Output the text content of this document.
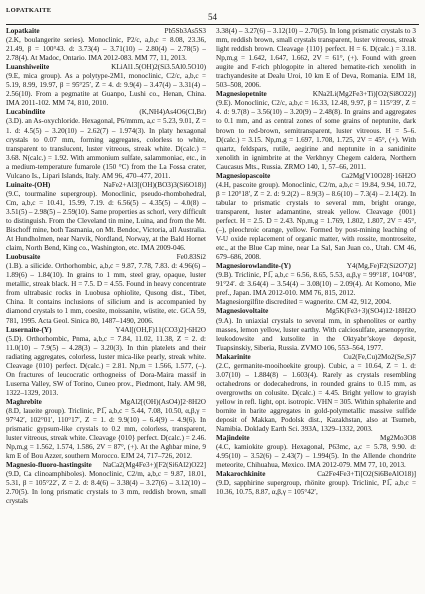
LOPATKAITE
54
Lopatkaite	Pb5Sb3As5S3
(2.K, boulangerite series). Monoclinic, P2/c, a,b,c = 8.08, 23.36, 21.49, β = 100°43. d: 3.73(4) – 3.71(10) – 2.80(4) – 2.78(5) – 2.78(4). At Madoc, Ontario. IMA 2012-083. MM 77, 11, 2013.
Luanshiweiite	KLiAl1.5(OH)2(Si3.5Al0.5O10)
(9.E, mica group). As a polytype-2M1, monoclinic, C2/c, a,b,c = 5.19, 8.99, 19.97, β = 95°25′, Z = 4. d: 9.9(4) – 3.47(4) – 3.31(4) – 2.56(10). From a pegmatite at Guanpo, Lushi co., Henan, China. IMA 2011-102. MM 74, 810, 2010.
Lucabindiite	(K,NH4)As4O6(Cl,Br)
(3.D). an As-oxychloride. Hexagonal, P6/mmm, a,c = 5.23, 9.01, Z = 1. d: 4.5(5) – 3.20(10) – 2.62(7) – 1.974(3). In platy hexagonal crystals to 0.07 mm, forming aggregates, colorless to white, transparent to translucent, luster vitreous, streak white. D(calc.) = 3.68. N(calc.) = 1.92. With ammonium sulfate, salammoniac, etc., in a medium-temperature fumarole (150 °C) from the La Fossa crater, Vulcano Is., Lipari Islands, Italy. AM 96, 470–477, 2011.
Luinaite-(OH)	NaFe2+Al3[(OH)(BO3)3(Si6O18)]
(9.C, tourmaline supergroup). Monoclinic, pseudo-rhombohedral, Cm, a,b,c = 10.41, 15.99, 7.19. d: 6.56(5) – 4.35(5) – 4.0(8) – 3.51(5) – 2.98(5) – 2.59(10). Same properties as schorl, very difficult to distinguish. From the Cleveland tin mine, Luina, and from the Mt. Bischoff mine, both Tasmania, on Mt. Bendoc, Victoria, all Australia. At Hundholmen, near Narvik, Nordland, Norway, at the Bald Hornet claim, North Bend, King co., Washington, etc. IMA 2009-046.
Luobusaite	Fe0.83Si2
(1.B). a silicide. Orthorhombic, a,b,c = 9.87, 7.78, 7.83. d: 4.96(6) – 1.89(6) – 1.84(10). In grains to 1 mm, steel gray, opaque, luster metallic, streak black. H = 7.5. D = 4.55. Found in heavy concentrate from ultrabasic rocks in Luobusa ophiolite, Qusong dist., Tibet, China. It contains inclusions of silicium and is accompanied by diamond crystals to 1 mm, coesite, moissanite, wüstite, etc. GCA 59, 781, 1995. Acta Geol. Sinica 80, 1487–1490, 2006.
Lusernaite-(Y)	Y4Al[(OH,F)11(CO3)2]·6H2O
(5.D). Orthorhombic, Pnma, a,b,c = 7.84, 11.02, 11.38, Z = 2. d: 11.0(10) – 7.9(5) – 4.28(3) – 3.20(3). In thin platelets and their radiating aggregates, colorless, luster mica-like pearly, streak white. Cleavage {010} perfect. D(calc.) = 2.81. Np,m = 1.566, 1.577, (–). On fractures of leucocratic orthogneiss of Dora-Maira massif in Luserna Valley, SW of Torino, Cuneo prov., Piedmont, Italy. AM 98, 1322–1329, 2013.
Maghrebite	MgAl2[(OH)(AsO4)]2·8H2O
(8.D, laueite group). Triclinic, P1̅, a,b,c = 5.44, 7.08, 10.50, α,β,γ = 97°42′, 102°01′, 110°17′, Z = 1. d: 9.9(10) – 6.4(9) – 4.9(6). In prismatic gypsum-like crystals to 0.2 mm, colorless, transparent, luster vitreous, streak white. Cleavage {010} perfect. D(calc.) = 2.46. Np,m,g = 1.562, 1.574, 1.586, 2V = 87°, (+). At the Aghbar mine, 9 km E of Bou Azzer, southern Morocco. EJM 24, 717–726, 2012.
Magnesio-fluoro-hastingsite NaCa2(Mg4Fe3+)[F2(Si6Al2)O22]
(9.D, Ca clinoamphiboles). Monoclinic, C2/m, a,b,c = 9.87, 18.01, 5.31, β = 105°22′, Z = 2. d: 8.4(6) – 3.38(4) – 3.27(6) – 3.12(10) – 2.70(5). In long prismatic crystals to 3 mm, reddish brown, small crystals
3.38(4) – 3.27(6) – 3.12(10) – 2.70(5). In long prismatic crystals to 3 mm, reddish brown, small crystals transparent, luster vitreous, streak light reddish brown. Cleavage {110} perfect. H = 6. D(calc.) = 3.18. Np,m,g = 1.642, 1.647, 1.662, 2V = 61°, (+). Found with green augite and F-rich phlogopite in altered hematite-rich xenolith in trachyandesite at Dealu Uroi, 10 km E of Deva, Romania. EJM 18, 503–508, 2006.
Magnesiopetnite	KNa2Li(Mg2Fe3+Ti)[O2(Si8O22)]
(9.E). Monoclinic, C2/c, a,b,c = 16.33, 12.48, 9.97, β = 115°39′, Z = 4. d: 9.7(8) – 3.56(10) – 3.20(9) – 2.48(8). In grains and aggregates to 0.1 mm, and as central zones of some grains of neptunite, dark brown to red-brown, semitransparent, luster vitreous. H = 5–6. D(calc.) = 3.15. Np,m,g = 1.697, 1.708, 1.725, 2V = 45°, (+). With quartz, feldspars, rutile, aegirine and neptunite in a sanidinite xenolith in ignimbrite at the Verkhnyy Chegem caldera, Northern Caucasus Mts., Russia. ZRMO 140, 1, 57–66, 2011.
Magnesiopascoite	Ca2Mg[V10O28]·16H2O
(4.H, pascoite group). Monoclinic, C2/m, a,b,c = 19.84, 9.94, 10.72, β = 120°18′, Z = 2. d: 9.2(2) – 8.9(3) – 8.6(10) – 7.3(4) – 2.14(2). In tabular to prismatic crystals to several mm, bright orange, transparent, luster adamantine, streak yellow. Cleavage {001} perfect. H = 2.5. D = 2.43. Np,m,g = 1.769, 1.802, 1.807, 2V = 45°, (–), pleochroic orange, yellow. Formed by post-mining leaching of V-U oxide replacement of organic matter, with rossite, montroseite, etc., at the Blue Cap mine, near La Sal, San Juan co., Utah. CM 46, 679–686, 2008.
Magnesiorowlandite-(Y)	Y4(Mg,Fe)F2(Si2O7)2]
(9.B). Triclinic, P1̅, a,b,c = 6.56, 8.65, 5.53, α,β,γ = 99°18′, 104°08′, 91°24′. d: 3.64(4) – 3.54(4) – 3.08(10) – 2.09(4). At Komono, Mie pref., Japan. IMA 2012-010. MM 76, 815, 2012.
Magnesiorgilfite discredited = wagnerite. CM 42, 912, 2004.
Magnesiovoltaite	Mg5K(Fe3+3)(SO4)12·18H2O
(9.A). In uniaxial crystals to several mm, in sphenolites or earthy masses, lemon yellow, luster earthy. With calciosulfate, arsenopyrite, leukodowsite and kutsolite in the Oktyabr’skoye deposit, Tuapsinskiy, Siberia, Russia. ZVMO 106, 553–564, 1977.
Makarinite	Cu2(Fe,Cu)2Mo2(Se,S)7
(2.C, germanite-mooihoekite group). Cubic, a = 10.64, Z = 1. d: 3.07(10) – 1.884(8) – 1.603(4). Rarely as crystals resembling octahedrons or dodecahedrons, in rounded grains to 0.15 mm, as overgrowths on colusite. D(calc.) = 4.45. Bright yellow to grayish yellow in refl. light, opt. isotropic. VHN = 305. Within sphalerite and bornite in barite aggregates in gold-polymetallic massive sulfide deposit of Makkan, Podolsk dist., Kazakhstan, also at Tsumeb, Namibia. Doklady Earth Sci. 393A, 1329–1332, 2003.
Majindeite	Mg2Mo3O8
(4.C, kamiokite group). Hexagonal, P63mc, a,c = 5.78, 9.90. d: 4.95(10) – 3.52(6) – 2.43(7) – 1.994(5). In the Allende chondrite meteorite, Chihuahua, Mexico. IMA 2012-079. MM 77, 10, 2013.
Makarochkinite	Ca2Fe4Fe3+Ti[O2(Si6BeAlO18)]
(9.D, sapphirine supergroup, rhönite group). Triclinic, P1̅, a,b,c = 10.36, 10.75, 8.87, α,β,γ = 105°42′,
